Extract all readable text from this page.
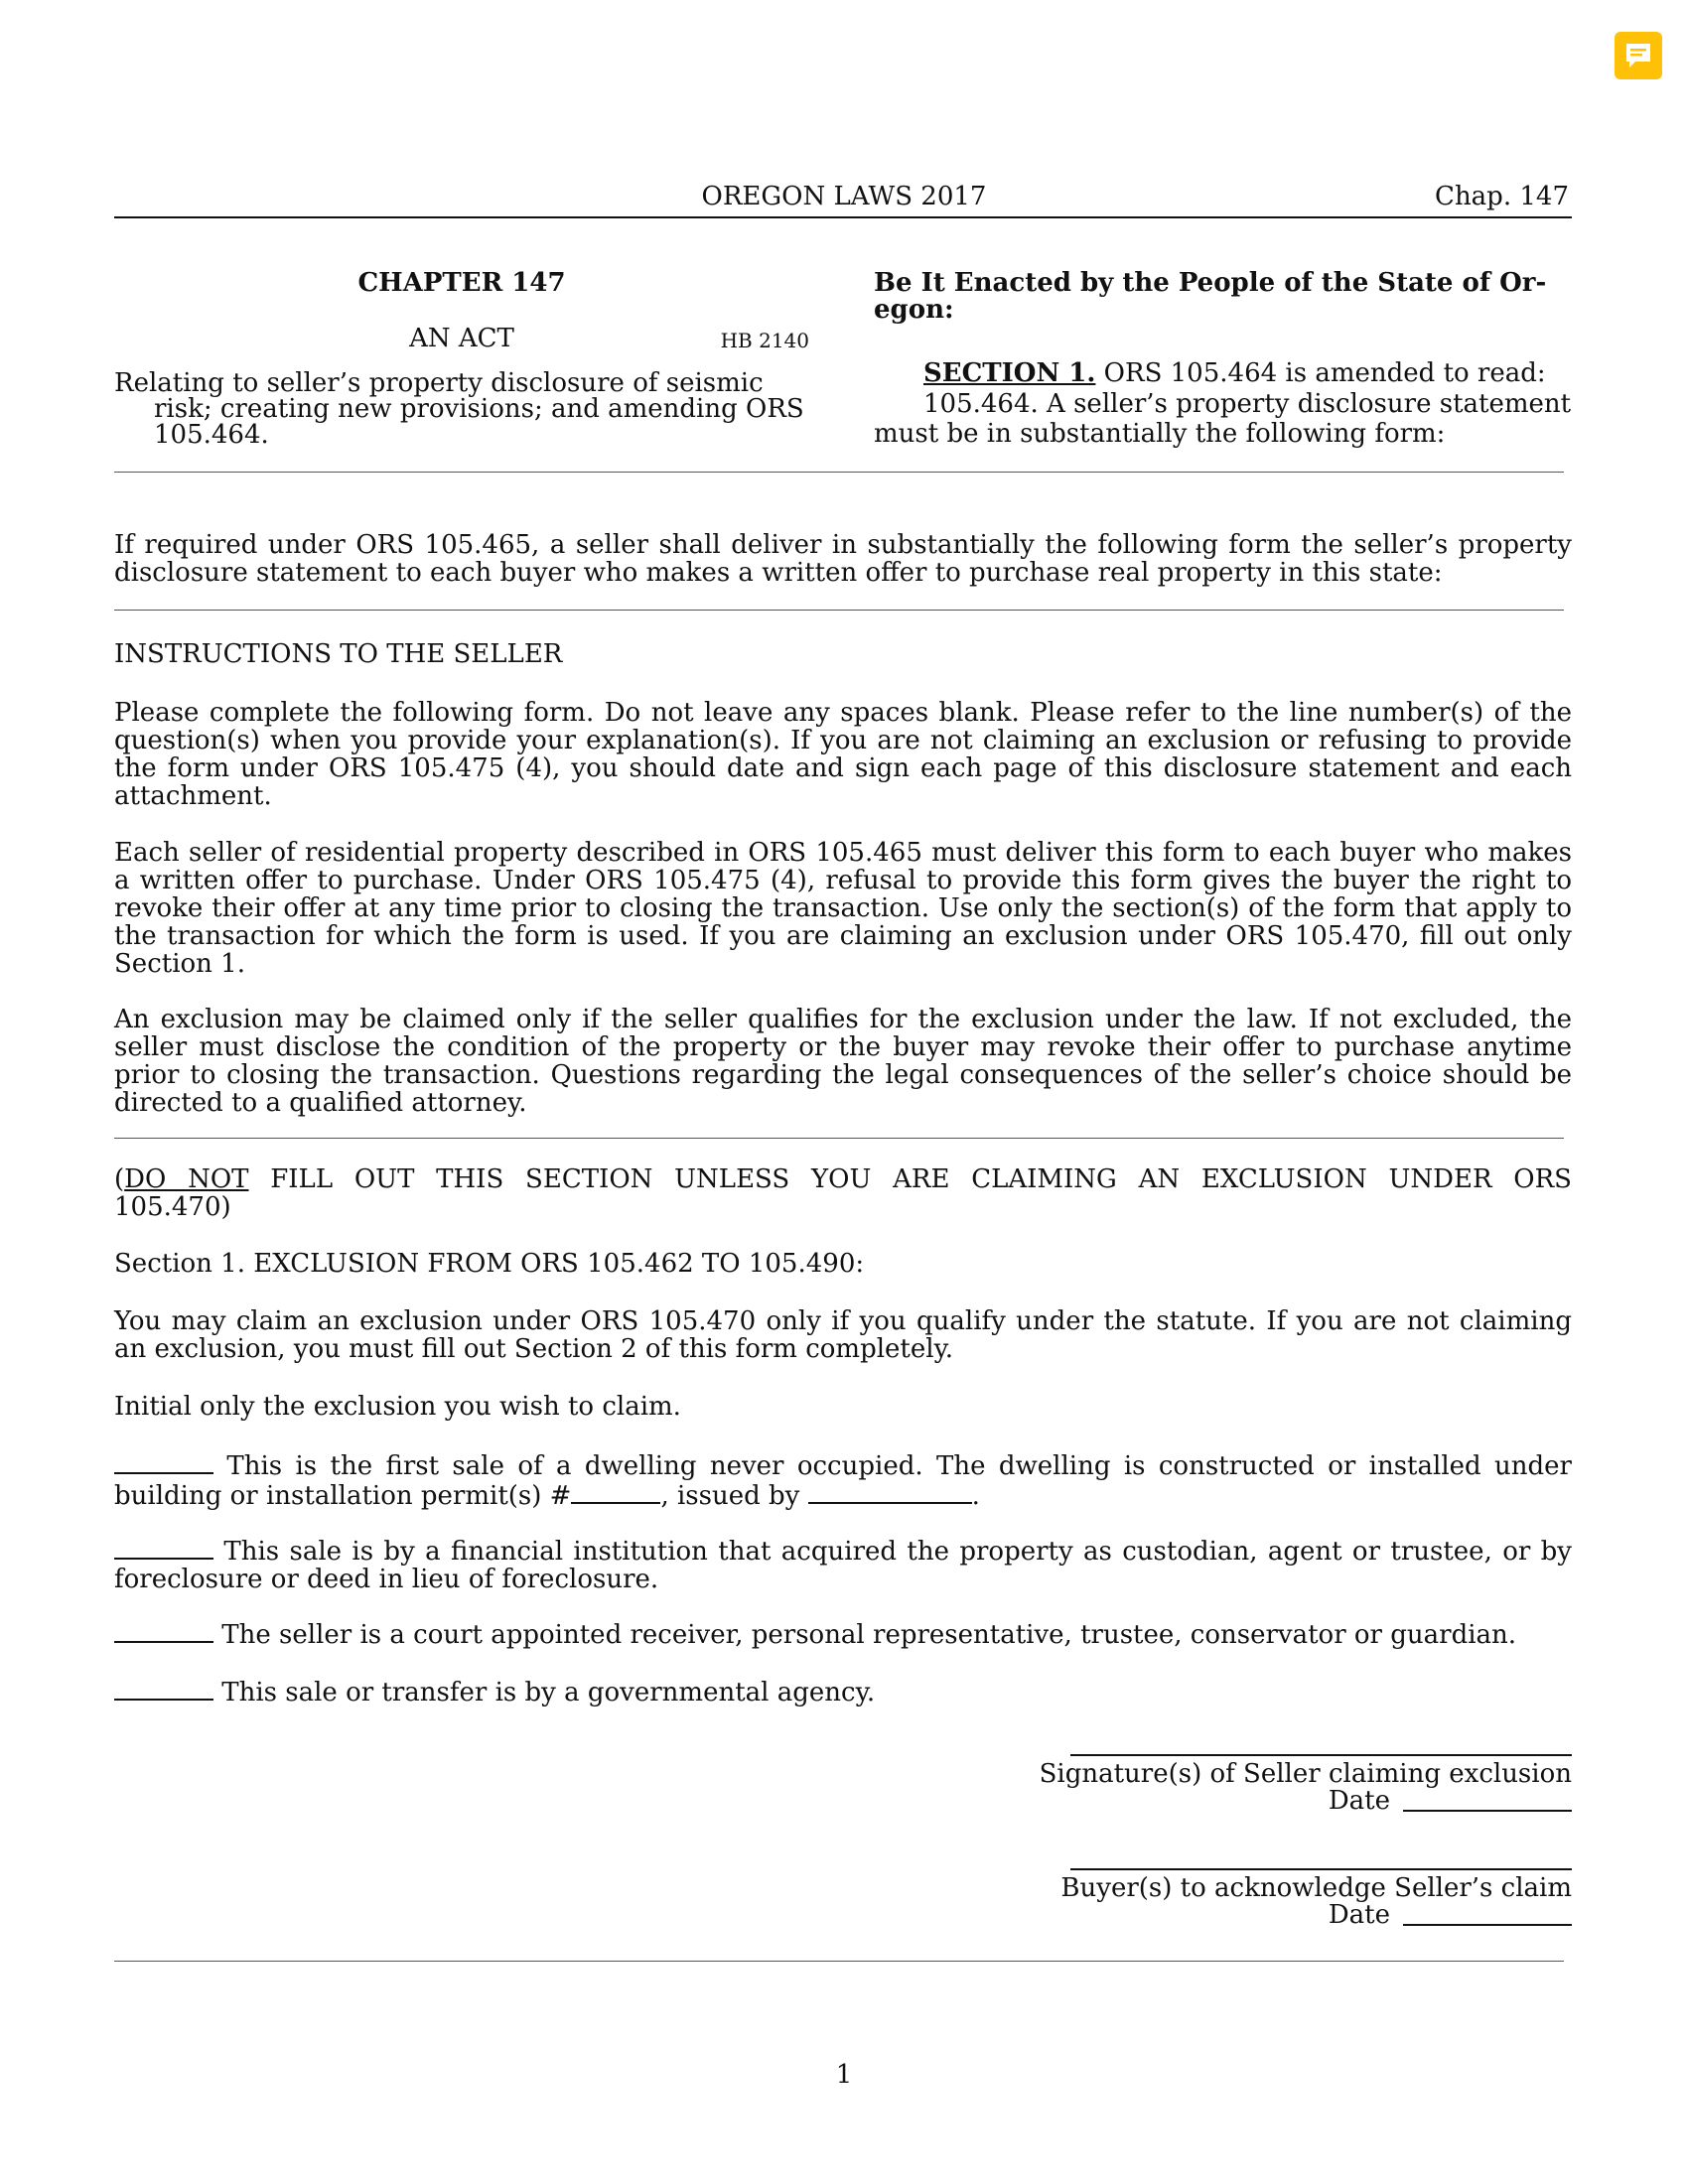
OREGON LAWS 2017	Chap. 147
CHAPTER 147
AN ACT	HB 2140
Relating to seller’s property disclosure of seismic
risk; creating new provisions; and amending ORS
105.464.
Be It Enacted by the People of the State of Or-
egon:
SECTION 1. ORS 105.464 is amended to read:
105.464. A seller’s property disclosure statement
must be in substantially the following form:
If required under ORS 105.465, a seller shall deliver in substantially the following form the seller’s property disclosure statement to each buyer who makes a written offer to purchase real property in this state:
INSTRUCTIONS TO THE SELLER
Please complete the following form. Do not leave any spaces blank. Please refer to the line number(s) of the question(s) when you provide your explanation(s). If you are not claiming an exclusion or refusing to provide the form under ORS 105.475 (4), you should date and sign each page of this disclosure statement and each attachment.
Each seller of residential property described in ORS 105.465 must deliver this form to each buyer who makes a written offer to purchase. Under ORS 105.475 (4), refusal to provide this form gives the buyer the right to revoke their offer at any time prior to closing the transaction. Use only the section(s) of the form that apply to the transaction for which the form is used. If you are claiming an exclusion under ORS 105.470, fill out only Section 1.
An exclusion may be claimed only if the seller qualifies for the exclusion under the law. If not excluded, the seller must disclose the condition of the property or the buyer may revoke their offer to purchase anytime prior to closing the transaction. Questions regarding the legal consequences of the seller’s choice should be directed to a qualified attorney.
(DO NOT FILL OUT THIS SECTION UNLESS YOU ARE CLAIMING AN EXCLUSION UNDER ORS 105.470)
Section 1. EXCLUSION FROM ORS 105.462 TO 105.490:
You may claim an exclusion under ORS 105.470 only if you qualify under the statute. If you are not claiming an exclusion, you must fill out Section 2 of this form completely.
Initial only the exclusion you wish to claim.
This is the first sale of a dwelling never occupied. The dwelling is constructed or installed under building or installation permit(s) #	, issued by	.
This sale is by a financial institution that acquired the property as custodian, agent or trustee, or by foreclosure or deed in lieu of foreclosure.
The seller is a court appointed receiver, personal representative, trustee, conservator or guardian.
This sale or transfer is by a governmental agency.
Signature(s) of Seller claiming exclusion
Date
Buyer(s) to acknowledge Seller’s claim
Date
1
